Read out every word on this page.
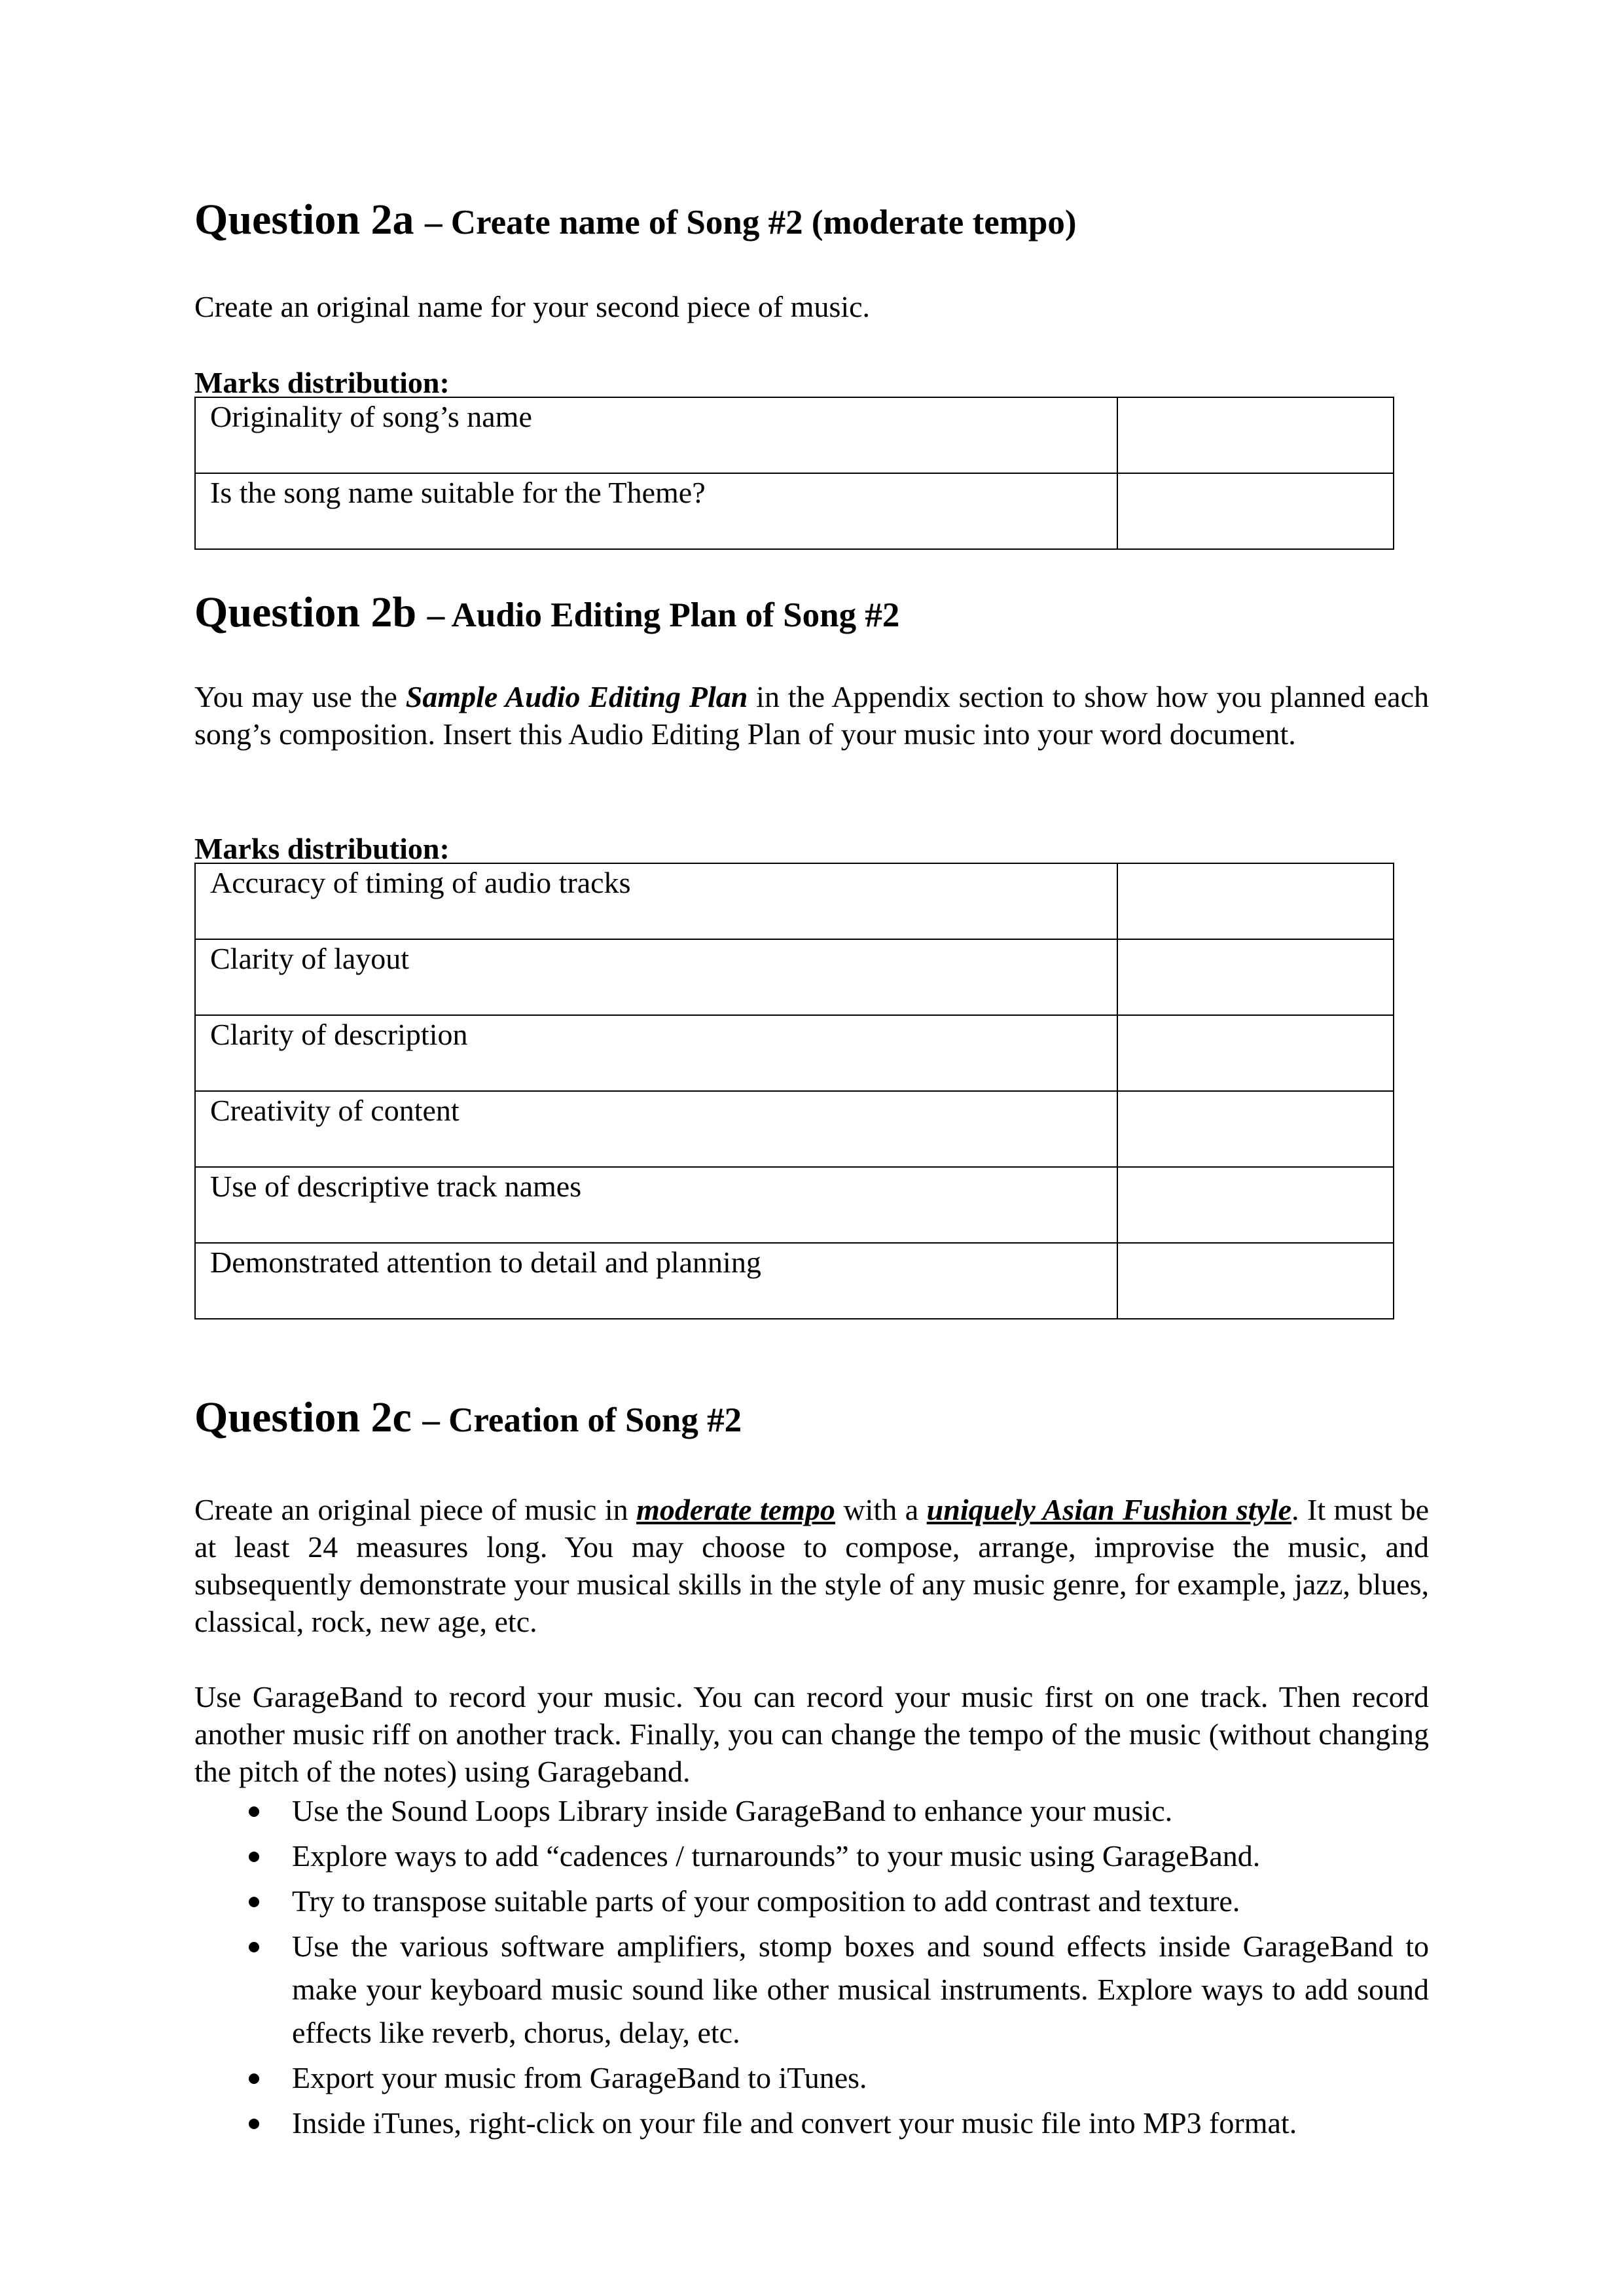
Question 2a – Create name of Song #2 (moderate tempo)

Create an original name for your second piece of music.

Marks distribution:

Originality of song’s name	
Is the song name suitable for the Theme?	
Question 2b – Audio Editing Plan of Song #2

You may use the Sample Audio Editing Plan in the Appendix section to show how you planned each song’s composition. Insert this Audio Editing Plan of your music into your word document.

Marks distribution:

Accuracy of timing of audio tracks	
Clarity of layout	
Clarity of description	
Creativity of content	
Use of descriptive track names	
Demonstrated attention to detail and planning	
Question 2c – Creation of Song #2

Create an original piece of music in moderate tempo with a uniquely Asian Fushion style. It must be at least 24 measures long. You may choose to compose, arrange, improvise the music, and subsequently demonstrate your musical skills in the style of any music genre, for example, jazz, blues, classical, rock, new age, etc.

Use GarageBand to record your music. You can record your music first on one track. Then record another music riff on another track. Finally, you can change the tempo of the music (without changing the pitch of the notes) using Garageband.

Use the Sound Loops Library inside GarageBand to enhance your music.
Explore ways to add “cadences / turnarounds” to your music using GarageBand.
Try to transpose suitable parts of your composition to add contrast and texture.
Use the various software amplifiers, stomp boxes and sound effects inside GarageBand to make your keyboard music sound like other musical instruments. Explore ways to add sound effects like reverb, chorus, delay, etc.
Export your music from GarageBand to iTunes.
Inside iTunes, right-click on your file and convert your music file into MP3 format.
